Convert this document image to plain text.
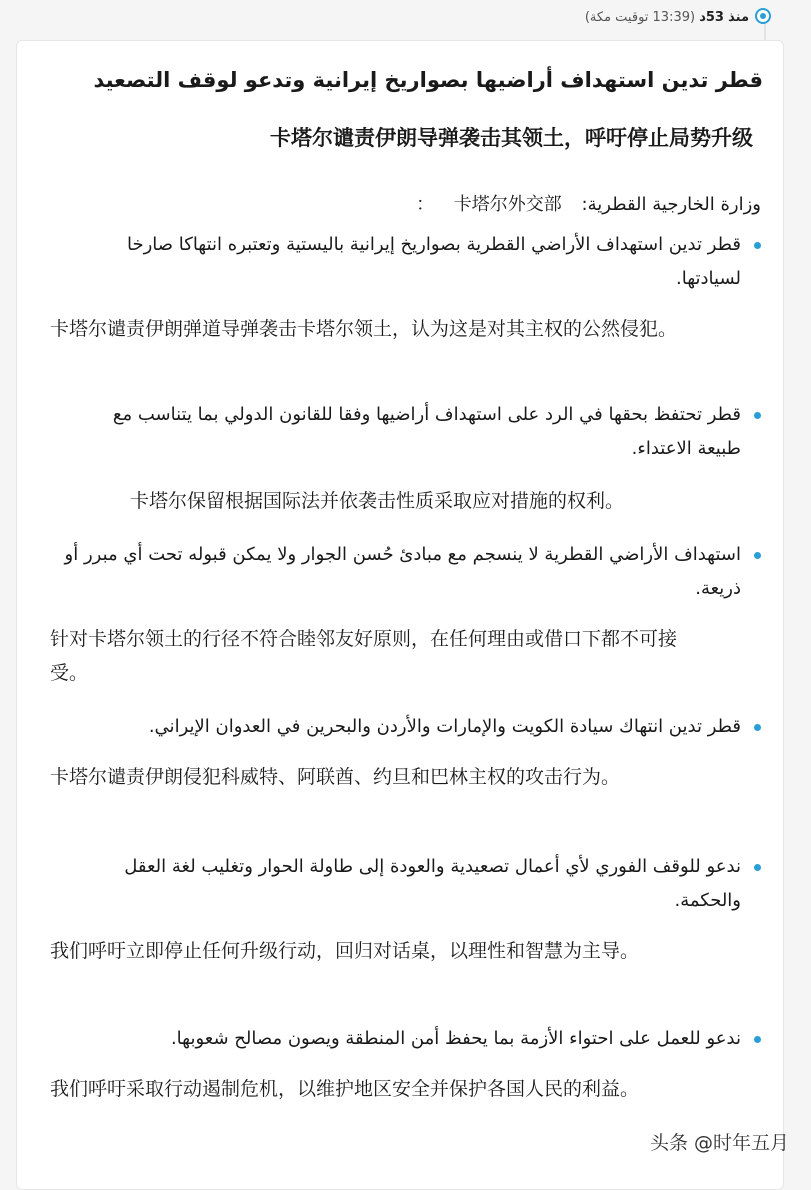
منذ 53د (13:39 توقيت مكة)
قطر تدين استهداف أراضيها بصواريخ إيرانية وتدعو لوقف التصعيد
卡塔尔谴责伊朗导弹袭击其领土，呼吁停止局势升级
وزارة الخارجية القطرية: 卡塔尔外交部 ：
قطر تدين استهداف الأراضي القطرية بصواريخ إيرانية باليستية وتعتبره انتهاكا صارخا لسيادتها.
卡塔尔谴责伊朗弹道导弹袭击卡塔尔领土，认为这是对其主权的公然侵犯。
قطر تحتفظ بحقها في الرد على استهداف أراضيها وفقا للقانون الدولي بما يتناسب مع طبيعة الاعتداء.
卡塔尔保留根据国际法并依袭击性质采取应对措施的权利。
استهداف الأراضي القطرية لا ينسجم مع مبادئ حُسن الجوار ولا يمكن قبوله تحت أي مبرر أو ذريعة.
针对卡塔尔领土的行径不符合睦邻友好原则，在任何理由或借口下都不可接受。
قطر تدين انتهاك سيادة الكويت والإمارات والأردن والبحرين في العدوان الإيراني.
卡塔尔谴责伊朗侵犯科威特、阿联酋、约旦和巴林主权的攻击行为。
ندعو للوقف الفوري لأي أعمال تصعيدية والعودة إلى طاولة الحوار وتغليب لغة العقل والحكمة.
我们呼吁立即停止任何升级行动，回归对话桌，以理性和智慧为主导。
ندعو للعمل على احتواء الأزمة بما يحفظ أمن المنطقة ويصون مصالح شعوبها.
我们呼吁采取行动遏制危机，以维护地区安全并保护各国人民的利益。
头条 @时年五月
